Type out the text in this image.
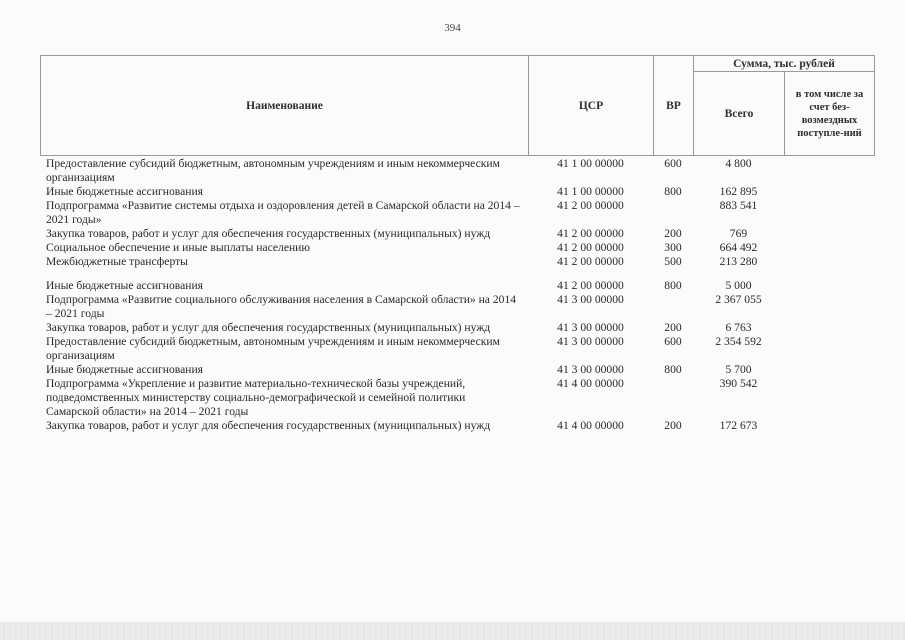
394
Наименование	ЦСР	ВР	Сумма, тыс. рублей	
			Всего	в том числе за счет без-возмездных поступле-ний
Предоставление субсидий бюджетным, автономным учреждениям и иным некоммерческим организациям	41 1 00 00000	600	4 800	
Иные бюджетные ассигнования	41 1 00 00000	800	162 895	
Подпрограмма «Развитие системы отдыха и оздоровления детей в Самарской области на 2014 – 2021 годы»	41 2 00 00000		883 541	
Закупка товаров, работ и услуг для обеспечения государственных (муниципальных) нужд	41 2 00 00000	200	769	
Социальное обеспечение и иные выплаты населению	41 2 00 00000	300	664 492	
Межбюджетные трансферты	41 2 00 00000	500	213 280	
Иные бюджетные ассигнования	41 2 00 00000	800	5 000	
Подпрограмма «Развитие социального обслуживания населения в Самарской области» на 2014 – 2021 годы	41 3 00 00000		2 367 055	
Закупка товаров, работ и услуг для обеспечения государственных (муниципальных) нужд	41 3 00 00000	200	6 763	
Предоставление субсидий бюджетным, автономным учреждениям и иным некоммерческим организациям	41 3 00 00000	600	2 354 592	
Иные бюджетные ассигнования	41 3 00 00000	800	5 700	
Подпрограмма «Укрепление и развитие материально-технической базы учреждений, подведомственных министерству социально-демографической и семейной политики Самарской области» на 2014 – 2021 годы	41 4 00 00000		390 542	
Закупка товаров, работ и услуг для обеспечения государственных (муниципальных) нужд	41 4 00 00000	200	172 673	
